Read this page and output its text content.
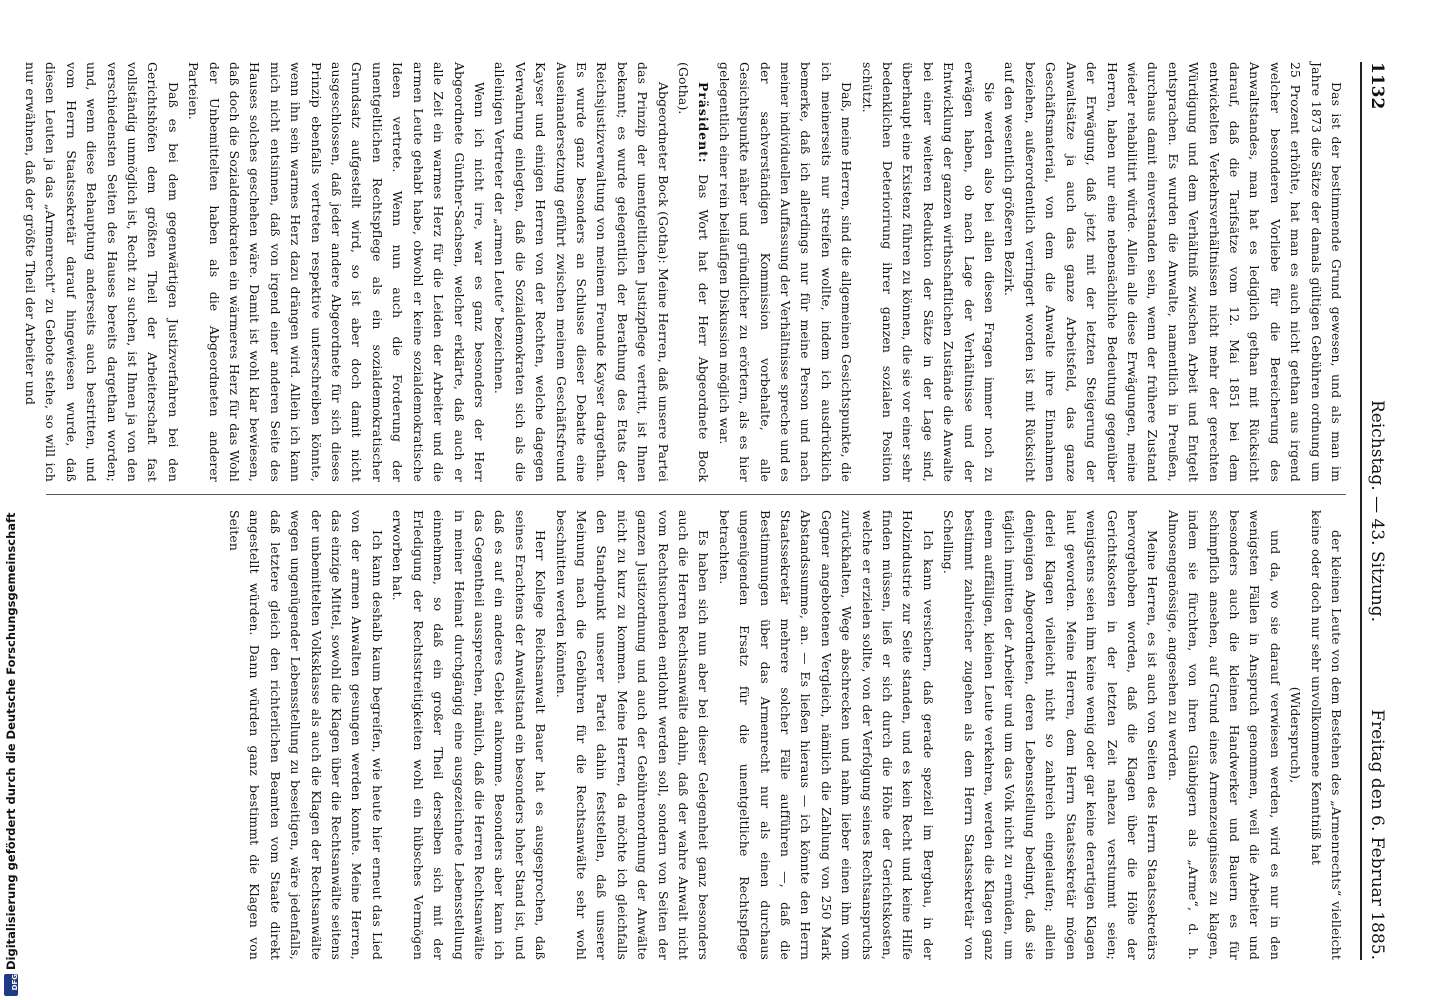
1132
Reichstag. — 43. Sitzung.
Freitag den 6. Februar 1885.

Das ist der bestimmende Grund gewesen, und als man im Jahre 1873 die Sätze der damals gültigen Gebühren ordnung um 25 Prozent erhöhte, hat man es auch nicht gethan aus irgend welcher besonderen Vorliebe für die Bereicherung des Anwaltstandes, man hat es lediglich gethan mit Rücksicht darauf, daß die Tarifsätze vom 12. Mai 1851 bei dem entwickelten Verkehrsverhältnissen nicht mehr der gerechten Würdigung und dem Verhältniß zwischen Arbeit und Entgelt entsprachen. Es wurden die Anwalte, namentlich in Preußen, durchaus damit einverstanden sein, wenn der frühere Zustand wieder rehabilitirt würde. Allein alle diese Erwägungen, meine Herren, haben nur eine nebensächliche Bedeutung gegenüber der Erwägung, daß jetzt mit der letzten Steigerung der Anwaltsätze ja auch das ganze Arbeitsfeld, das ganze Geschäftsmaterial, von dem die Anwalte ihre Einnahmen beziehen, außerordentlich verringert worden ist mit Rücksicht auf den wesentlich größeren Bezirk.

Sie werden also bei allen diesen Fragen immer noch zu erwägen haben, ob nach Lage der Verhältnisse und der Entwicklung der ganzen wirthschaftlichen Zustände die Anwalte bei einer weiteren Reduktion der Sätze in der Lage sind, überhaupt eine Existenz führen zu können, die sie vor einer sehr bedenklichen Deteriorirung ihrer ganzen sozialen Position schützt.

Daß, meine Herren, sind die allgemeinen Gesichtspunkte, die ich meinerseits nur streifen wollte, indem ich ausdrücklich bemerke, daß ich allerdings nur für meine Person und nach meiner individuellen Auffassung der Verhältnisse spreche und es der sachverständigen Kommission vorbehalte, alle Gesichtspunkte näher und gründlicher zu erörtern, als es hier gelegentlich einer rein beiläufigen Diskussion möglich war.

Präsident: Das Wort hat der Herr Abgeordnete Bock (Gotha).

Abgeordneter Bock (Gotha): Meine Herren, daß unsere Partei das Prinzip der unentgeltlichen Justizpflege vertritt, ist Ihnen bekannt; es wurde gelegentlich der Berathung des Etats der Reichsjustizverwaltung von meinem Freunde Kayser dargethan. Es wurde ganz besonders an Schlusse dieser Debatte eine Auseinandersetzung geführt zwischen meinem Geschäftsfreund Kayser und einigen Herren von der Rechten, welche dagegen Verwahrung einlegten, daß die Sozialdemokraten sich als die alleinigen Vertreter der „armen Leute“ bezeichnen.

Wenn ich nicht irre, war es ganz besonders der Herr Abgeordnete Günther-Sachsen, welcher erklärte, daß auch er alle Zeit ein warmes Herz für die Leiden der Arbeiter und die armen Leute gehabt habe, obwohl er keine sozialdemokratische Ideen vertrete. Wenn nun auch die Forderung der unentgeltlichen Rechtspflege als ein sozialdemokratischer Grundsatz aufgestellt wird, so ist aber doch damit nicht ausgeschlossen, daß jeder andere Abgeordnete für sich dieses Prinzip ebenfalls vertreten respektive unterschreiben könnte, wenn ihn sein warmes Herz dazu drängen wird. Allein ich kann mich nicht entsinnen, daß von irgend einer anderen Seite des Hauses solches geschehen wäre. Damit ist wohl klar bewiesen, daß doch die Sozialdemokraten ein wärmeres Herz für das Wohl der Unbemittelten haben als die Abgeordneten anderer Parteien.

Daß es bei dem gegenwärtigen Justizverfahren bei den Gerichtshöfen dem größten Theil der Arbeiterschaft fast vollständig unmöglich ist, Recht zu suchen, ist Ihnen ja von den verschiedensten Seiten des Hauses bereits dargethan worden; und, wenn diese Behauptung anderseits auch bestritten, und vom Herrn Staatssekretär darauf hingewiesen wurde, daß diesen Leuten ja das „Armenrecht“ zu Gebote stehe, so will ich nur erwähnen, daß der größte Theil der Arbeiter und

der kleinen Leute von dem Bestehen des „Armenrechts“ vielleicht keine oder doch nur sehr unvollkommene Kenntniß hat

(Widerspruch),

und da, wo sie darauf verwiesen werden, wird es nur in den wenigsten Fällen in Anspruch genommen, weil die Arbeiter und besonders auch die kleinen Handwerker und Bauern es für schimpflich ansehen, auf Grund eines Armenzeugnisses zu klagen, indem sie fürchten, von ihren Gläubigern als „Arme“, d. h. Almosengenössige, angesehen zu werden.

Meine Herren, es ist auch von Seiten des Herrn Staatssekretärs hervorgehoben worden, daß die Klagen über die Höhe der Gerichtskosten in der letzten Zeit nahezu verstummt seien; wenigstens seien ihm keine wenig oder gar keine derartigen Klagen laut geworden. Meine Herren, dem Herrn Staatssekretär mögen derlei Klagen vielleicht nicht so zahlreich eingelaufen; allein denjenigen Abgeordneten, deren Lebensstellung bedingt, daß sie täglich inmitten der Arbeiter und um das Volk nicht zu ermüden, um einem auffälligen, kleinen Leute verkehren, werden die Klagen ganz bestimmt zahlreicher zugehen als dem Herrn Staatssekretär von Schelling.

Ich kann versichern, daß gerade speziell im Bergbau, in der Holzindustrie zur Seite standen, und es kein Recht und keine Hilfe finden müssen, ließ er sich durch die Höhe der Gerichtskosten, welche er erzielen sollte, von der Verfolgung seines Rechtsanspruchs zurückhalten, Wege abschrecken und nahm lieber einen ihm vom Gegner angebotenen Vergleich, nämlich die Zahlung von 250 Mark Abstandssumme, an. — Es ließen hieraus — ich könnte den Herrn Staatssekretär mehrere solcher Fälle aufführen —, daß die Bestimmungen über das Armenrecht nur als einen durchaus ungenügenden Ersatz für die unentgeltliche Rechtspflege betrachten.

Es haben sich nun aber bei dieser Gelegenheit ganz besonders auch die Herren Rechtsanwälte dahin, daß der wahre Anwalt nicht vom Rechtsuchenden entlohnt werden soll, sondern von Seiten der ganzen Justizordnung und auch der Gebührenordnung der Anwälte nicht zu kurz zu kommen. Meine Herren, da möchte ich gleichfalls den Standpunkt unserer Partei dahin feststellen, daß unserer Meinung nach die Gebühren für die Rechtsanwälte sehr wohl beschnitten werden könnten.

Herr Kollege Reichsanwalt Bauer hat es ausgesprochen, daß seines Erachtens der Anwaltstand ein besonders hoher Stand ist, und daß es auf ein anderes Gebiet ankomme. Besonders aber kann ich das Gegentheil aussprechen, nämlich, daß die Herren Rechtsanwälte in meiner Heimat durchgängig eine ausgezeichnete Lebensstellung einnehmen, so daß ein großer Theil derselben sich mit der Erledigung der Rechtsstreitigkeiten wohl ein hübsches Vermögen erworben hat.

Ich kann deshalb kaum begreifen, wie heute hier erneut das Lied von der armen Anwalten gesungen werden konnte. Meine Herren, das einzige Mittel, sowohl die Klagen über die Rechtsanwälte seitens der unbemittelten Volksklasse als auch die Klagen der Rechtsanwälte wegen ungenügender Lebensstellung zu beseitigen, wäre jedenfalls, daß letztere gleich den richterlichen Beamten vom Staate direkt angestellt würden. Dann würden ganz bestimmt die Klagen von Seiten

Digitalisierung gefördert durch die Deutsche Forschungsgemeinschaft
DFG
